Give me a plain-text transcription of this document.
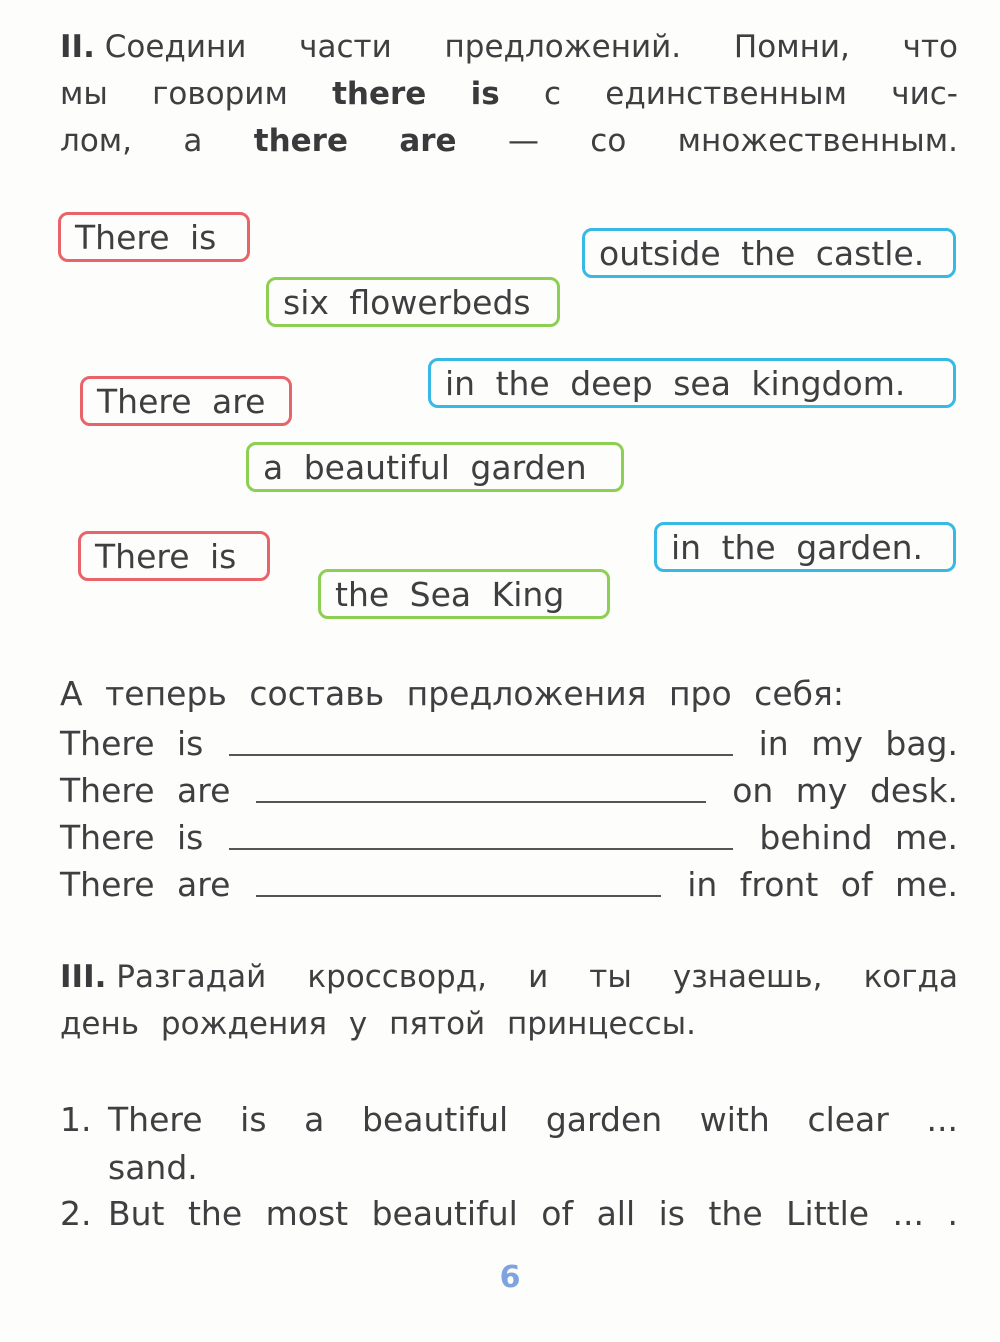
II. Соедини части предложений. Помни, что
мы говорим there is с единственным чис-
лом, а there are — со множественным.
There is	outside the castle.
six flowerbeds
in the deep sea kingdom.
There are
a beautiful garden
in the garden.
There is
the Sea King
А теперь составь предложения про себя:
There is	in my bag.
There are	on my desk.
There is	behind me.
There are	in front of me.
III. Разгадай кроссворд, и ты узнаешь, когда
день рождения у пятой принцессы.
1. There is a beautiful garden with clear ...
sand.
2. But the most beautiful of all is the Little ... .
6
